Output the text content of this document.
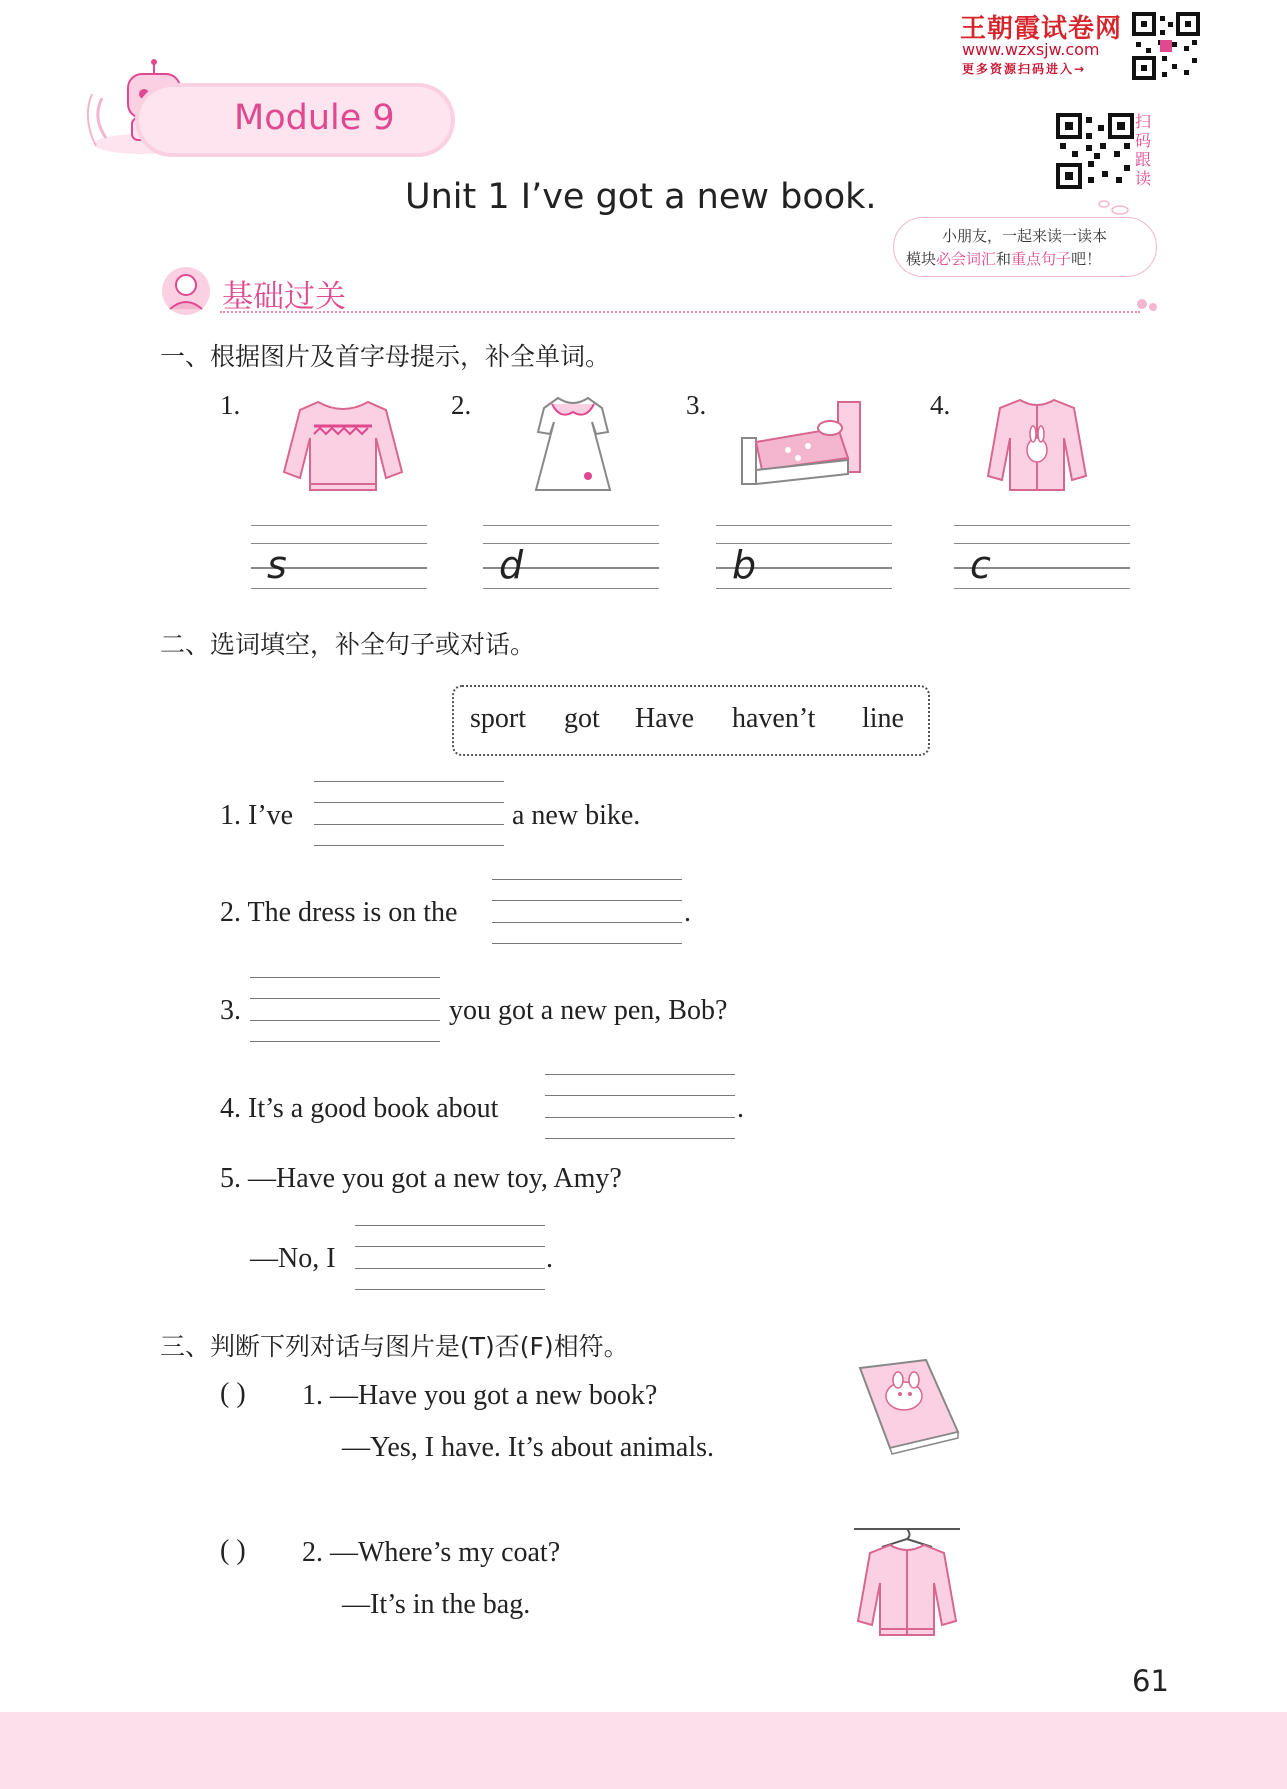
王朝霞试卷网
www.wzxsjw.com
更多资源扫码进入→
扫码跟读
Module 9
Unit 1 I’ve got a new book.
小朋友，一起来读一读本
模块必会词汇和重点句子吧！
基础过关
一、根据图片及首字母提示，补全单词。
1.
s
2.
d
3.
b
4.
c
二、选词填空，补全句子或对话。
sport got Have haven’t line
1. I’ve	a new bike.
2. The dress is on the	.
3.	you got a new pen, Bob?
4. It’s a good book about	.
5. —Have you got a new toy, Amy?
—No, I	.
三、判断下列对话与图片是(T)否(F)相符。
( ) 1. —Have you got a new book?
—Yes, I have. It’s about animals.
( ) 2. —Where’s my coat?
—It’s in the bag.
61
